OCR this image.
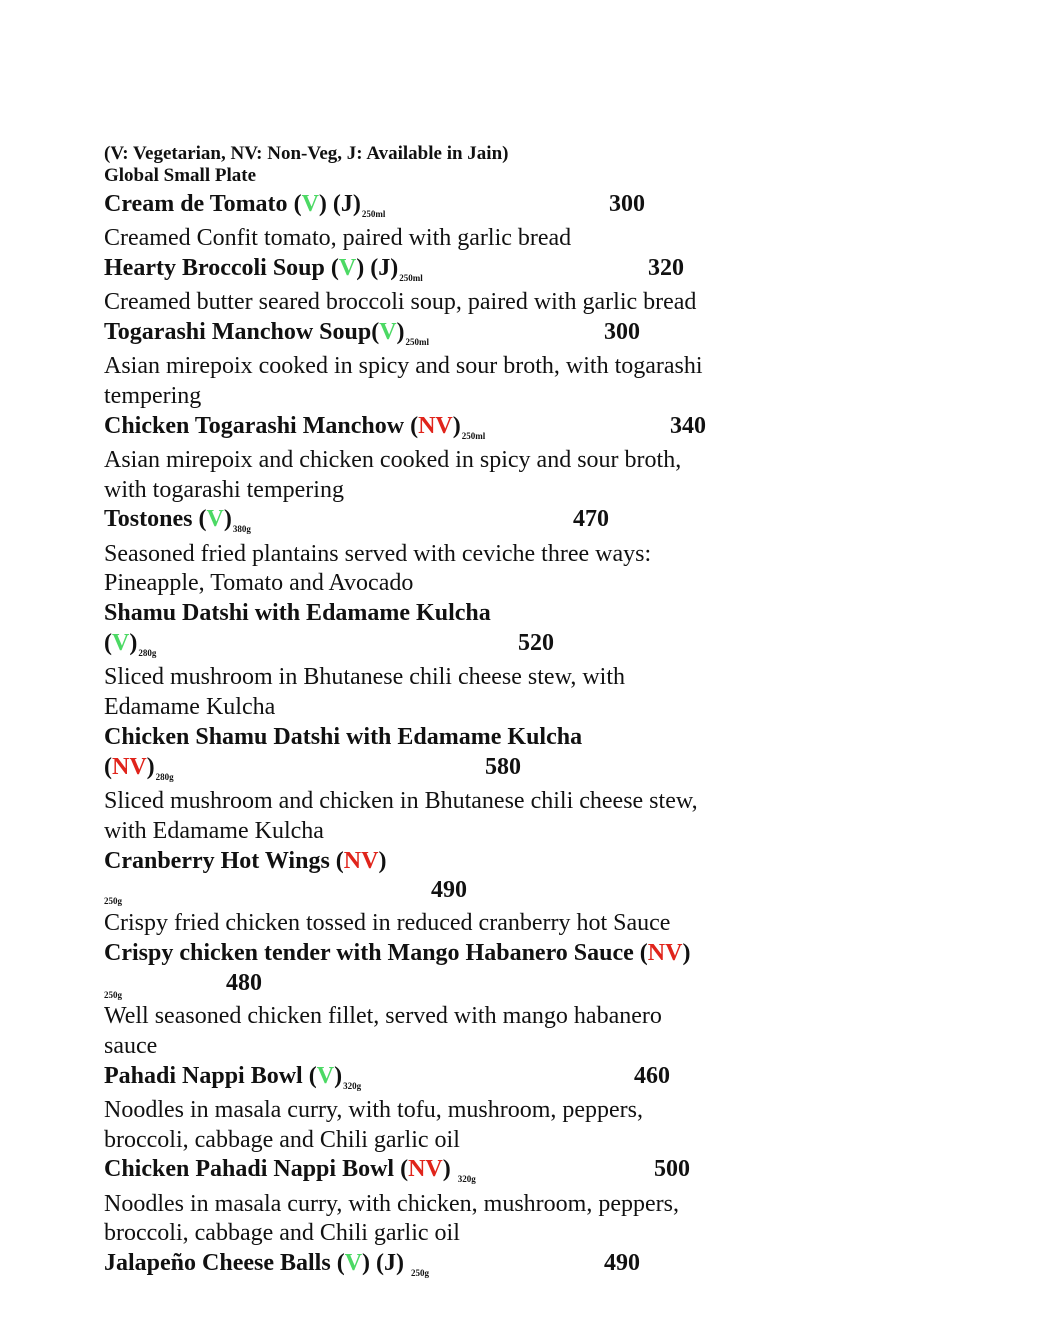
(V: Vegetarian, NV: Non-Veg, J: Available in Jain)
Global Small Plate
Cream de Tomato (V) $(J)_{250ml}$	300
Creamed Confit tomato, paired with garlic bread
Hearty Broccoli Soup (V) $(J)_{250ml}$	320
Creamed butter seared broccoli soup, paired with garlic bread
Togarashi Manchow $Soup(V)_{250ml}$	300
Asian mirepoix cooked in spicy and sour broth, with togarashi
tempering
Chicken Togarashi Manchow $(NV)_{250ml}$	340
Asian mirepoix and chicken cooked in spicy and sour broth,
with togarashi tempering
Tostones $(V)_{380g}$	470
Seasoned fried plantains served with ceviche three ways:
Pineapple, Tomato and Avocado
Shamu Datshi with Edamame Kulcha
$(V)_{280g}$	520
Sliced mushroom in Bhutanese chili cheese stew, with
Edamame Kulcha
Chicken Shamu Datshi with Edamame Kulcha
$(NV)_{280g}$	580
Sliced mushroom and chicken in Bhutanese chili cheese stew,
with Edamame Kulcha
Cranberry Hot Wings (NV)
490
250g
Crispy fried chicken tossed in reduced cranberry hot Sauce
Crispy chicken tender with Mango Habanero Sauce (NV)
480
250g
Well seasoned chicken fillet, served with mango habanero
sauce
Pahadi Nappi Bowl $(V)_{320g}$	460
Noodles in masala curry, with tofu, mushroom, peppers,
broccoli, cabbage and Chili garlic oil
Chicken Pahadi Nappi Bowl (NV) $_{320g}$	500
Noodles in masala curry, with chicken, mushroom, peppers,
broccoli, cabbage and Chili garlic oil
Jalapeño Cheese Balls (V) (J) $_{250g}$	490
